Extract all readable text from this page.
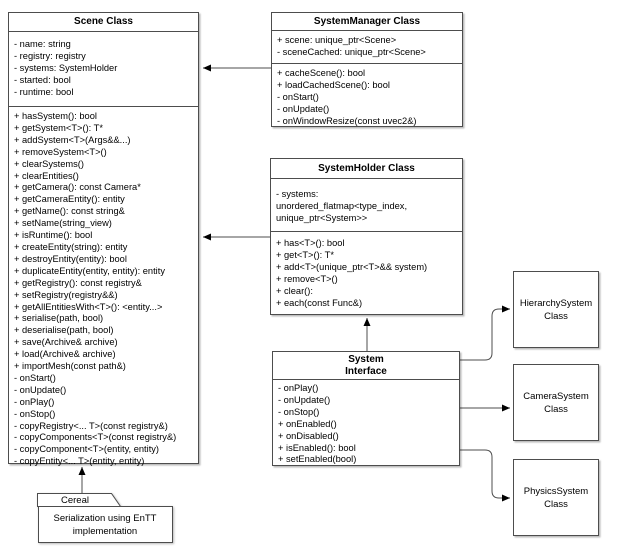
Scene Class
- name: string
- registry: registry
- systems: SystemHolder
- started: bool
- runtime: bool
+ hasSystem(): bool
+ getSystem<T>(): T*
+ addSystem<T>(Args&&...)
+ removeSystem<T>()
+ clearSystems()
+ clearEntities()
+ getCamera(): const Camera*
+ getCameraEntity(): entity
+ getName(): const string&
+ setName(string_view)
+ isRuntime(): bool
+ createEntity(string): entity
+ destroyEntity(entity): bool
+ duplicateEntity(entity, entity): entity
+ getRegistry(): const registry&
+ setRegistry(registry&&)
+ getAllEntitiesWith<T>(): <entity...>
+ serialise(path, bool)
+ deserialise(path, bool)
+ save(Archive& archive)
+ load(Archive& archive)
+ importMesh(const path&)
- onStart()
- onUpdate()
- onPlay()
- onStop()
- copyRegistry<... T>(const registry&)
- copyComponents<T>(const registry&)
- copyComponent<T>(entity, entity)
- copyEntity<... T>(entity, entity)
SystemManager Class
+ scene: unique_ptr<Scene>
- sceneCached: unique_ptr<Scene>
+ cacheScene(): bool
+ loadCachedScene(): bool
- onStart()
- onUpdate()
- onWindowResize(const uvec2&)
SystemHolder Class
- systems:
unordered_flatmap<type_index,
unique_ptr<System>>
+ has<T>(): bool
+ get<T>(): T*
+ add<T>(unique_ptr<T>&& system)
+ remove<T>()
+ clear():
+ each(const Func&)
System
Interface
- onPlay()
- onUpdate()
- onStop()
+ onEnabled()
+ onDisabled()
+ isEnabled(): bool
+ setEnabled(bool)
HierarchySystem
Class
CameraSystem
Class
PhysicsSystem
Class
Cereal
Serialization using EnTT
implementation
